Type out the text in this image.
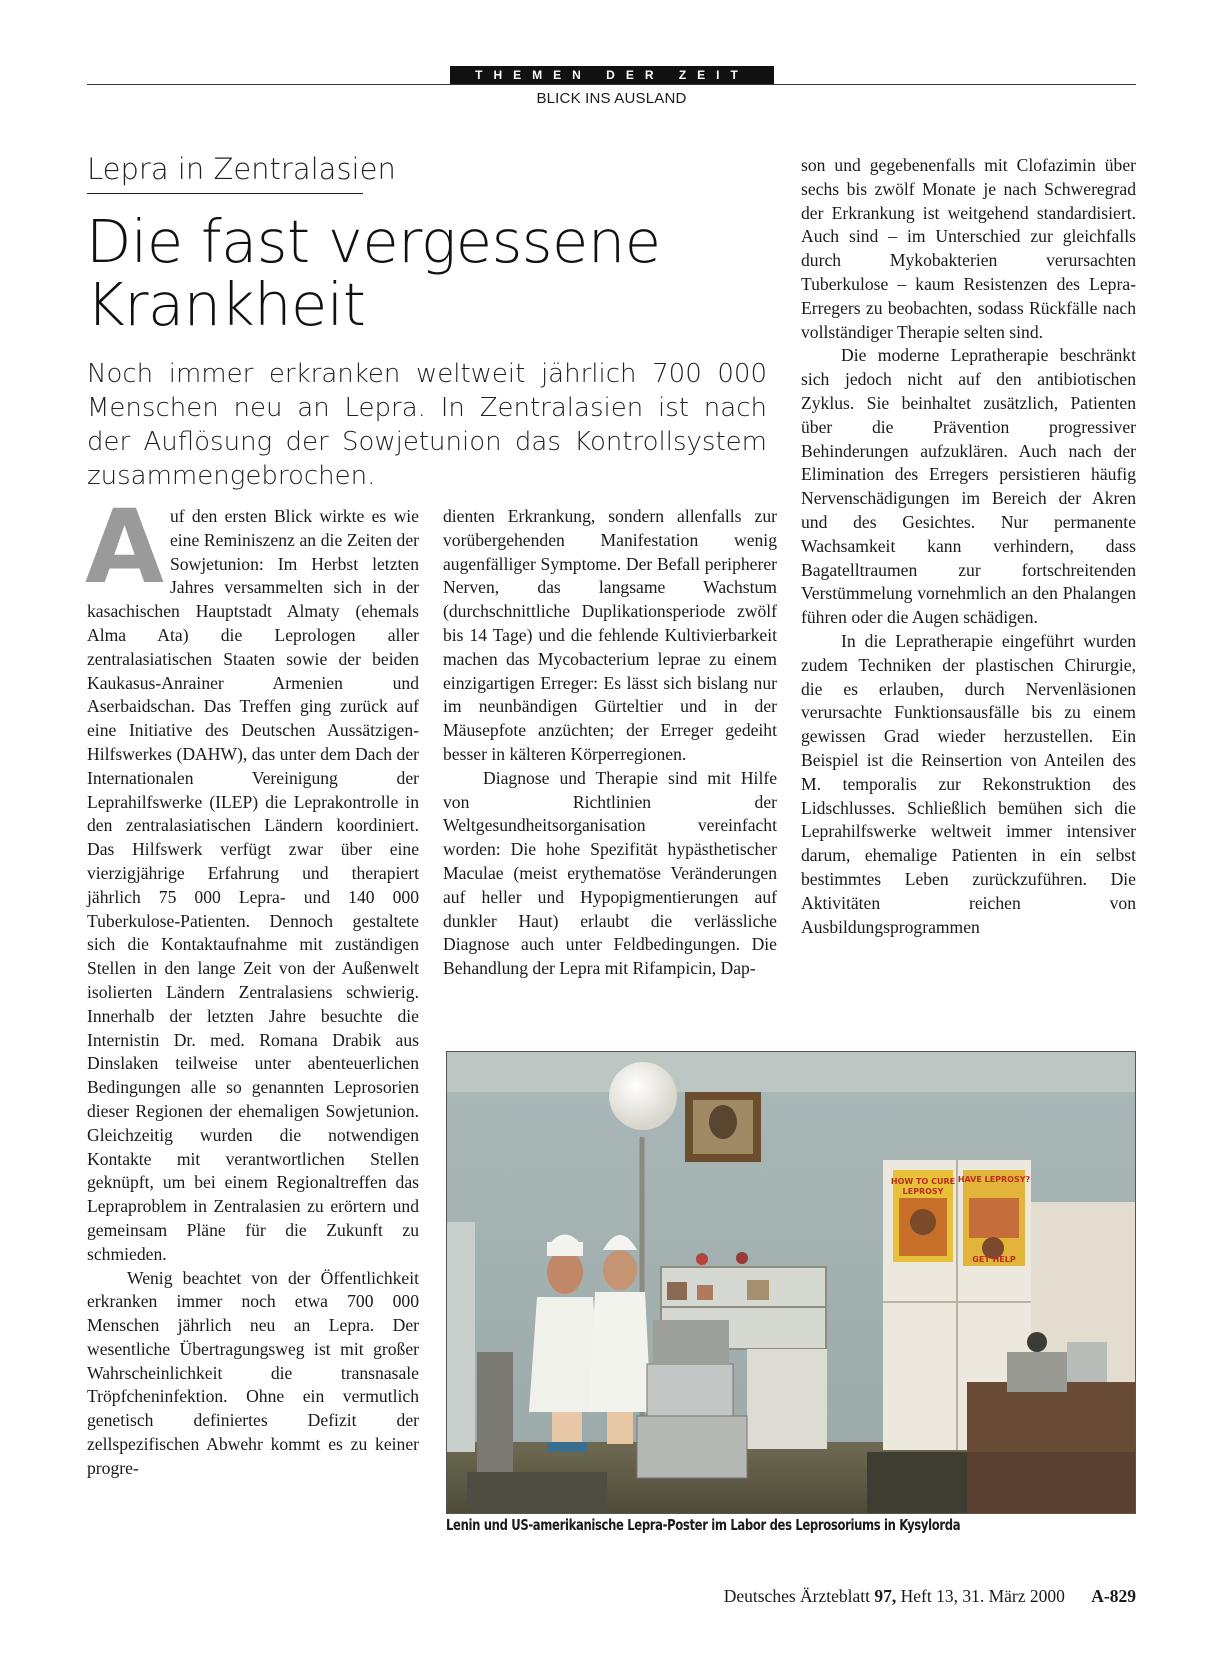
THEMEN DER ZEIT
BLICK INS AUSLAND
Lepra in Zentralasien
Die fast vergessene Krankheit

Noch immer erkranken weltweit jährlich 700 000 Menschen neu an Lepra. In Zentralasien ist nach der Auflösung der Sowjetunion das Kontrollsystem zusammengebrochen.

Auf den ersten Blick wirkte es wie eine Reminiszenz an die Zeiten der Sowjetunion: Im Herbst letzten Jahres versammelten sich in der kasachischen Hauptstadt Almaty (ehemals Alma Ata) die Leprologen aller zentralasiatischen Staaten sowie der beiden Kaukasus-Anrainer Armenien und Aserbaidschan. Das Treffen ging zurück auf eine Initiative des Deutschen Aussätzigen-Hilfswerkes (DAHW), das unter dem Dach der Internationalen Vereinigung der Leprahilfswerke (ILEP) die Leprakontrolle in den zentralasiatischen Ländern koordiniert. Das Hilfswerk verfügt zwar über eine vierzigjährige Erfahrung und therapiert jährlich 75 000 Lepra- und 140 000 Tuberkulose-Patienten. Dennoch gestaltete sich die Kontaktaufnahme mit zuständigen Stellen in den lange Zeit von der Außenwelt isolierten Ländern Zentralasiens schwierig. Innerhalb der letzten Jahre besuchte die Internistin Dr. med. Romana Drabik aus Dinslaken teilweise unter abenteuerlichen Bedingungen alle so genannten Leprosorien dieser Regionen der ehemaligen Sowjetunion. Gleichzeitig wurden die notwendigen Kontakte mit verantwortlichen Stellen geknüpft, um bei einem Regionaltreffen das Lepraproblem in Zentralasien zu erörtern und gemeinsam Pläne für die Zukunft zu schmieden.

Wenig beachtet von der Öffentlichkeit erkranken immer noch etwa 700 000 Menschen jährlich neu an Lepra. Der wesentliche Übertragungsweg ist mit großer Wahrscheinlichkeit die transnasale Tröpfcheninfektion. Ohne ein vermutlich genetisch definiertes Defizit der zellspezifischen Abwehr kommt es zu keiner progre-

dienten Erkrankung, sondern allenfalls zur vorübergehenden Manifestation wenig augenfälliger Symptome. Der Befall peripherer Nerven, das langsame Wachstum (durchschnittliche Duplikationsperiode zwölf bis 14 Tage) und die fehlende Kultivierbarkeit machen das Mycobacterium leprae zu einem einzigartigen Erreger: Es lässt sich bislang nur im neunbändigen Gürteltier und in der Mäusepfote anzüchten; der Erreger gedeiht besser in kälteren Körperregionen.

Diagnose und Therapie sind mit Hilfe von Richtlinien der Weltgesundheitsorganisation vereinfacht worden: Die hohe Spezifität hypästhetischer Maculae (meist erythematöse Veränderungen auf heller und Hypopigmentierungen auf dunkler Haut) erlaubt die verlässliche Diagnose auch unter Feldbedingungen. Die Behandlung der Lepra mit Rifampicin, Dap-

son und gegebenenfalls mit Clofazimin über sechs bis zwölf Monate je nach Schweregrad der Erkrankung ist weitgehend standardisiert. Auch sind – im Unterschied zur gleichfalls durch Mykobakterien verursachten Tuberkulose – kaum Resistenzen des Lepra-Erregers zu beobachten, sodass Rückfälle nach vollständiger Therapie selten sind.

Die moderne Lepratherapie beschränkt sich jedoch nicht auf den antibiotischen Zyklus. Sie beinhaltet zusätzlich, Patienten über die Prävention progressiver Behinderungen aufzuklären. Auch nach der Elimination des Erregers persistieren häufig Nervenschädigungen im Bereich der Akren und des Gesichtes. Nur permanente Wachsamkeit kann verhindern, dass Bagatelltraumen zur fortschreitenden Verstümmelung vornehmlich an den Phalangen führen oder die Augen schädigen.

In die Lepratherapie eingeführt wurden zudem Techniken der plastischen Chirurgie, die es erlauben, durch Nervenläsionen verursachte Funktionsausfälle bis zu einem gewissen Grad wieder herzustellen. Ein Beispiel ist die Reinsertion von Anteilen des M. temporalis zur Rekonstruktion des Lidschlusses. Schließlich bemühen sich die Leprahilfswerke weltweit immer intensiver darum, ehemalige Patienten in ein selbst bestimmtes Leben zurückzuführen. Die Aktivitäten reichen von Ausbildungsprogrammen

HOW TO CURE
LEPROSY
HAVE LEPROSY?
GET HELP
Lenin und US-amerikanische Lepra-Poster im Labor des Leprosoriums in Kysylorda
Deutsches Ärzteblatt 97, Heft 13, 31. März 2000 A-829
